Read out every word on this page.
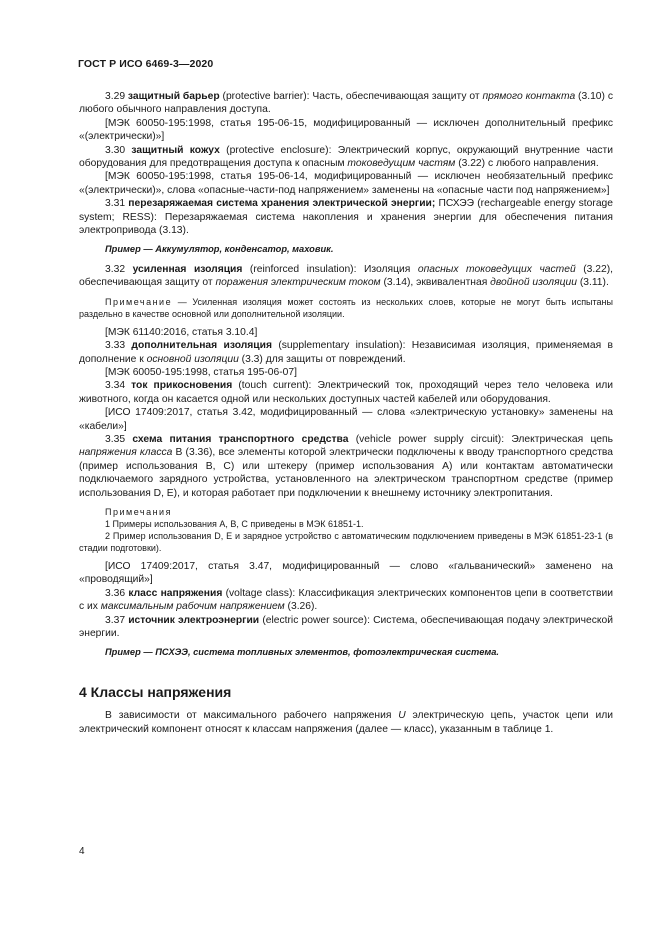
ГОСТ Р ИСО 6469-3—2020

3.29 защитный барьер (protective barrier): Часть, обеспечивающая защиту от прямого контакта (3.10) с любого обычного направления доступа.

[МЭК 60050-195:1998, статья 195-06-15, модифицированный — исключен дополнительный префикс «(электрически)»]

3.30 защитный кожух (protective enclosure): Электрический корпус, окружающий внутренние части оборудования для предотвращения доступа к опасным токоведущим частям (3.22) с любого направления.

[МЭК 60050-195:1998, статья 195-06-14, модифицированный — исключен необязательный префикс «(электрически)», слова «опасные-части-под напряжением» заменены на «опасные части под напряжением»]

3.31 перезаряжаемая система хранения электрической энергии; ПСХЭЭ (rechargeable energy storage system; RESS): Перезаряжаемая система накопления и хранения энергии для обеспечения питания электропривода (3.13).

Пример — Аккумулятор, конденсатор, маховик.

3.32 усиленная изоляция (reinforced insulation): Изоляция опасных токоведущих частей (3.22), обеспечивающая защиту от поражения электрическим током (3.14), эквивалентная двойной изоляции (3.11).

Примечание — Усиленная изоляция может состоять из нескольких слоев, которые не могут быть испытаны раздельно в качестве основной или дополнительной изоляции.

[МЭК 61140:2016, статья 3.10.4]

3.33 дополнительная изоляция (supplementary insulation): Независимая изоляция, применяемая в дополнение к основной изоляции (3.3) для защиты от повреждений.

[МЭК 60050-195:1998, статья 195-06-07]

3.34 ток прикосновения (touch current): Электрический ток, проходящий через тело человека или животного, когда он касается одной или нескольких доступных частей кабелей или оборудования.

[ИСО 17409:2017, статья 3.42, модифицированный — слова «электрическую установку» заменены на «кабели»]

3.35 схема питания транспортного средства (vehicle power supply circuit): Электрическая цепь напряжения класса B (3.36), все элементы которой электрически подключены к вводу транспортного средства (пример использования B, C) или штекеру (пример использования A) или контактам автоматически подключаемого зарядного устройства, установленного на электрическом транспортном средстве (пример использования D, E), и которая работает при подключении к внешнему источнику электропитания.

Примечания

1 Примеры использования A, B, C приведены в МЭК 61851-1.

2 Пример использования D, E и зарядное устройство с автоматическим подключением приведены в МЭК 61851-23-1 (в стадии подготовки).

[ИСО 17409:2017, статья 3.47, модифицированный — слово «гальванический» заменено на «проводящий»]

3.36 класс напряжения (voltage class): Классификация электрических компонентов цепи в соответствии с их максимальным рабочим напряжением (3.26).

3.37 источник электроэнергии (electric power source): Система, обеспечивающая подачу электрической энергии.

Пример — ПСХЭЭ, система топливных элементов, фотоэлектрическая система.

4 Классы напряжения

В зависимости от максимального рабочего напряжения U электрическую цепь, участок цепи или электрический компонент относят к классам напряжения (далее — класс), указанным в таблице 1.

4
